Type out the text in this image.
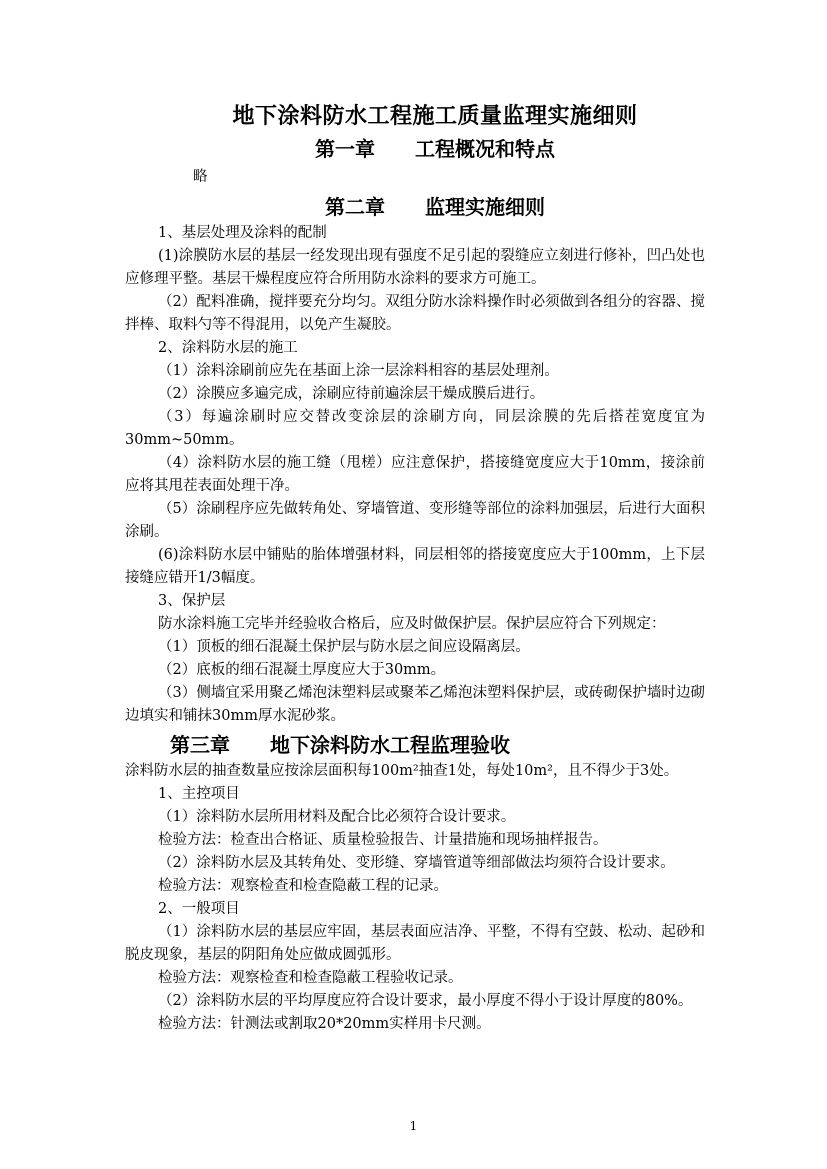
地下涂料防水工程施工质量监理实施细则
第一章　　工程概况和特点

略

第二章　　监理实施细则

1、基层处理及涂料的配制

(1)涂膜防水层的基层一经发现出现有强度不足引起的裂缝应立刻进行修补，凹凸处也应修理平整。基层干燥程度应符合所用防水涂料的要求方可施工。

（2）配料准确，搅拌要充分均匀。双组分防水涂料操作时必须做到各组分的容器、搅拌棒、取料勺等不得混用，以免产生凝胶。

2、涂料防水层的施工

（1）涂料涂刷前应先在基面上涂一层涂料相容的基层处理剂。

（2）涂膜应多遍完成，涂刷应待前遍涂层干燥成膜后进行。

（3）每遍涂刷时应交替改变涂层的涂刷方向，同层涂膜的先后搭茬宽度宜为30mm~50mm。

（4）涂料防水层的施工缝（甩槎）应注意保护，搭接缝宽度应大于10mm，接涂前应将其甩茬表面处理干净。

（5）涂刷程序应先做转角处、穿墙管道、变形缝等部位的涂料加强层，后进行大面积涂刷。

(6)涂料防水层中铺贴的胎体增强材料，同层相邻的搭接宽度应大于100mm，上下层接缝应错开1/3幅度。

3、保护层

防水涂料施工完毕并经验收合格后，应及时做保护层。保护层应符合下列规定：

（1）顶板的细石混凝土保护层与防水层之间应设隔离层。

（2）底板的细石混凝土厚度应大于30mm。

（3）侧墙宜采用聚乙烯泡沫塑料层或聚苯乙烯泡沫塑料保护层，或砖砌保护墙时边砌边填实和铺抹30mm厚水泥砂浆。

第三章　　地下涂料防水工程监理验收

涂料防水层的抽查数量应按涂层面积每100m²抽查1处，每处10m²，且不得少于3处。

1、主控项目

（1）涂料防水层所用材料及配合比必须符合设计要求。

检验方法：检查出合格证、质量检验报告、计量措施和现场抽样报告。

（2）涂料防水层及其转角处、变形缝、穿墙管道等细部做法均须符合设计要求。

检验方法：观察检查和检查隐蔽工程的记录。

2、一般项目

（1）涂料防水层的基层应牢固，基层表面应洁净、平整，不得有空鼓、松动、起砂和脱皮现象，基层的阴阳角处应做成圆弧形。

检验方法：观察检查和检查隐蔽工程验收记录。

（2）涂料防水层的平均厚度应符合设计要求，最小厚度不得小于设计厚度的80%。

检验方法：针测法或割取20*20mm实样用卡尺测。

1
